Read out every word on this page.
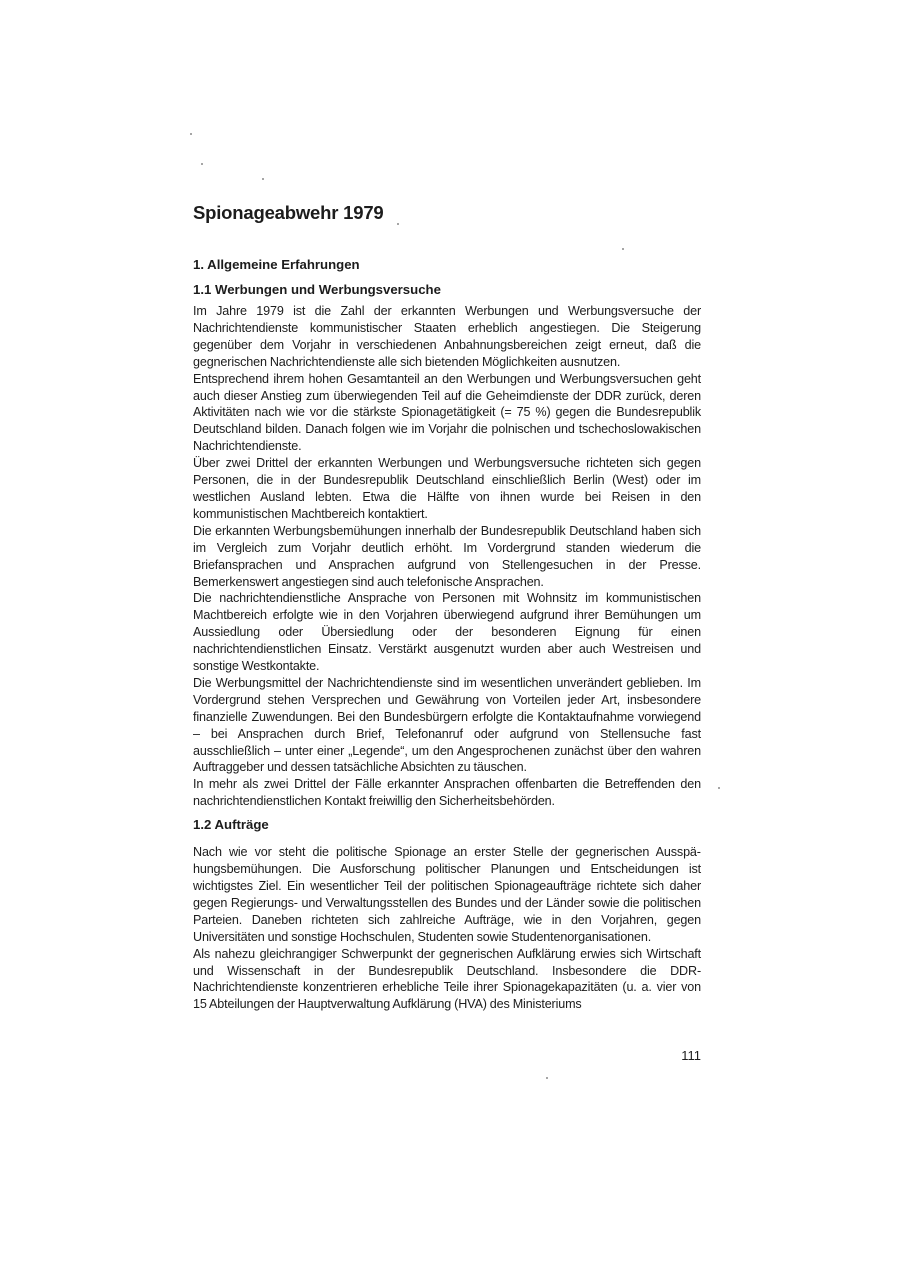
Spionageabwehr 1979
1. Allgemeine Erfahrungen
1.1 Werbungen und Werbungsversuche

Im Jahre 1979 ist die Zahl der erkannten Werbungen und Werbungsversuche der Nachrichtendienste kommunistischer Staaten erheblich angestiegen. Die Steigerung gegenüber dem Vorjahr in verschiedenen Anbahnungsbereichen zeigt erneut, daß die gegnerischen Nachrichtendienste alle sich bietenden Möglichkeiten ausnutzen.

Entsprechend ihrem hohen Gesamtanteil an den Werbungen und Werbungsversuchen geht auch dieser Anstieg zum überwiegenden Teil auf die Geheimdienste der DDR zurück, deren Aktivitäten nach wie vor die stärkste Spionagetätigkeit (= 75 %) gegen die Bundesrepublik Deutschland bilden. Danach folgen wie im Vorjahr die polnischen und tschechoslowakischen Nachrichtendienste.

Über zwei Drittel der erkannten Werbungen und Werbungsversuche richteten sich gegen Personen, die in der Bundesrepublik Deutschland einschließlich Berlin (West) oder im westlichen Ausland lebten. Etwa die Hälfte von ihnen wurde bei Reisen in den kommunistischen Machtbereich kontaktiert.

Die erkannten Werbungsbemühungen innerhalb der Bundesrepublik Deutschland haben sich im Vergleich zum Vorjahr deutlich erhöht. Im Vordergrund standen wiederum die Briefansprachen und Ansprachen aufgrund von Stellengesuchen in der Presse. Bemerkenswert angestiegen sind auch telefonische Ansprachen.

Die nachrichtendienstliche Ansprache von Personen mit Wohnsitz im kommunistischen Machtbereich erfolgte wie in den Vorjahren überwiegend aufgrund ihrer Bemühungen um Aussiedlung oder Übersiedlung oder der besonderen Eignung für einen nachrichtendienstlichen Einsatz. Verstärkt ausgenutzt wurden aber auch Westreisen und sonstige Westkontakte.

Die Werbungsmittel der Nachrichtendienste sind im wesentlichen unverändert geblieben. Im Vordergrund stehen Versprechen und Gewährung von Vorteilen jeder Art, insbesondere finanzielle Zuwendungen. Bei den Bundesbürgern erfolgte die Kontaktaufnahme vorwiegend – bei Ansprachen durch Brief, Telefonanruf oder aufgrund von Stellensuche fast ausschließlich – unter einer „Legende“, um den Angesprochenen zunächst über den wahren Auftraggeber und dessen tatsächliche Absichten zu täuschen.

In mehr als zwei Drittel der Fälle erkannter Ansprachen offenbarten die Betreffenden den nachrichtendienstlichen Kontakt freiwillig den Sicherheitsbehörden.

1.2 Aufträge

Nach wie vor steht die politische Spionage an erster Stelle der gegnerischen Ausspähungsbemühungen. Die Ausforschung politischer Planungen und Entscheidungen ist wichtigstes Ziel. Ein wesentlicher Teil der politischen Spionageaufträge richtete sich daher gegen Regierungs- und Verwaltungsstellen des Bundes und der Länder sowie die politischen Parteien. Daneben richteten sich zahlreiche Aufträge, wie in den Vorjahren, gegen Universitäten und sonstige Hochschulen, Studenten sowie Studentenorganisationen.

Als nahezu gleichrangiger Schwerpunkt der gegnerischen Aufklärung erwies sich Wirtschaft und Wissenschaft in der Bundesrepublik Deutschland. Insbesondere die DDR-Nachrichtendienste konzentrieren erhebliche Teile ihrer Spionagekapazitäten (u. a. vier von 15 Abteilungen der Hauptverwaltung Aufklärung (HVA) des Ministeriums

111
